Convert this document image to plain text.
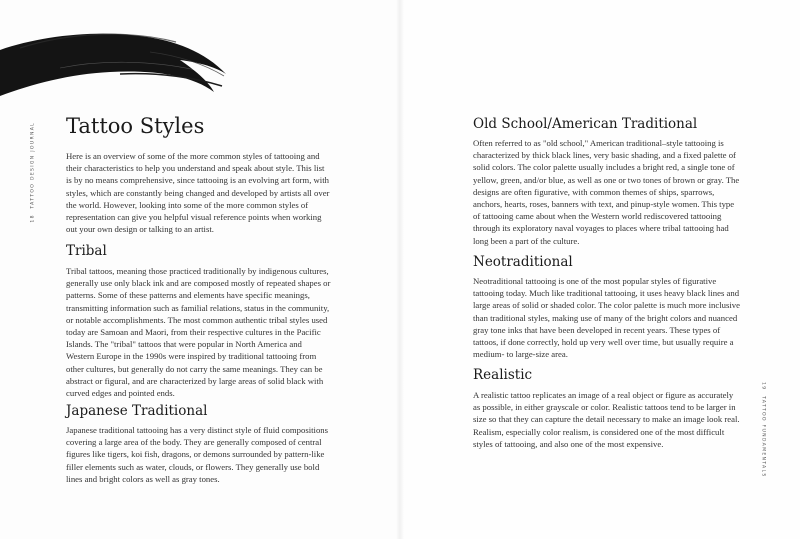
18  TATTOO DESIGN JOURNAL
19  TATTOO FUNDAMENTALS
Tattoo Styles

Here is an overview of some of the more common styles of tattooing and their characteristics to help you understand and speak about style. This list is by no means comprehensive, since tattooing is an evolving art form, with styles, which are constantly being changed and developed by artists all over the world. However, looking into some of the more common styles of representation can give you helpful visual reference points when working out your own design or talking to an artist.

Tribal

Tribal tattoos, meaning those practiced traditionally by indigenous cultures, generally use only black ink and are composed mostly of repeated shapes or patterns. Some of these patterns and elements have specific meanings, transmitting information such as familial relations, status in the community, or notable accomplishments. The most common authentic tribal styles used today are Samoan and Maori, from their respective cultures in the Pacific Islands. The "tribal" tattoos that were popular in North America and Western Europe in the 1990s were inspired by traditional tattooing from other cultures, but generally do not carry the same meanings. They can be abstract or figural, and are characterized by large areas of solid black with curved edges and pointed ends.

Japanese Traditional

Japanese traditional tattooing has a very distinct style of fluid compositions covering a large area of the body. They are generally composed of central figures like tigers, koi fish, dragons, or demons surrounded by pattern-like filler elements such as water, clouds, or flowers. They generally use bold lines and bright colors as well as gray tones.

Old School/American Traditional

Often referred to as "old school," American traditional–style tattooing is characterized by thick black lines, very basic shading, and a fixed palette of solid colors. The color palette usually includes a bright red, a single tone of yellow, green, and/or blue, as well as one or two tones of brown or gray. The designs are often figurative, with common themes of ships, sparrows, anchors, hearts, roses, banners with text, and pinup-style women. This type of tattooing came about when the Western world rediscovered tattooing through its exploratory naval voyages to places where tribal tattooing had long been a part of the culture.

Neotraditional

Neotraditional tattooing is one of the most popular styles of figurative tattooing today. Much like traditional tattooing, it uses heavy black lines and large areas of solid or shaded color. The color palette is much more inclusive than traditional styles, making use of many of the bright colors and nuanced gray tone inks that have been developed in recent years. These types of tattoos, if done correctly, hold up very well over time, but usually require a medium- to large-size area.

Realistic

A realistic tattoo replicates an image of a real object or figure as accurately as possible, in either grayscale or color. Realistic tattoos tend to be larger in size so that they can capture the detail necessary to make an image look real. Realism, especially color realism, is considered one of the most difficult styles of tattooing, and also one of the most expensive.
